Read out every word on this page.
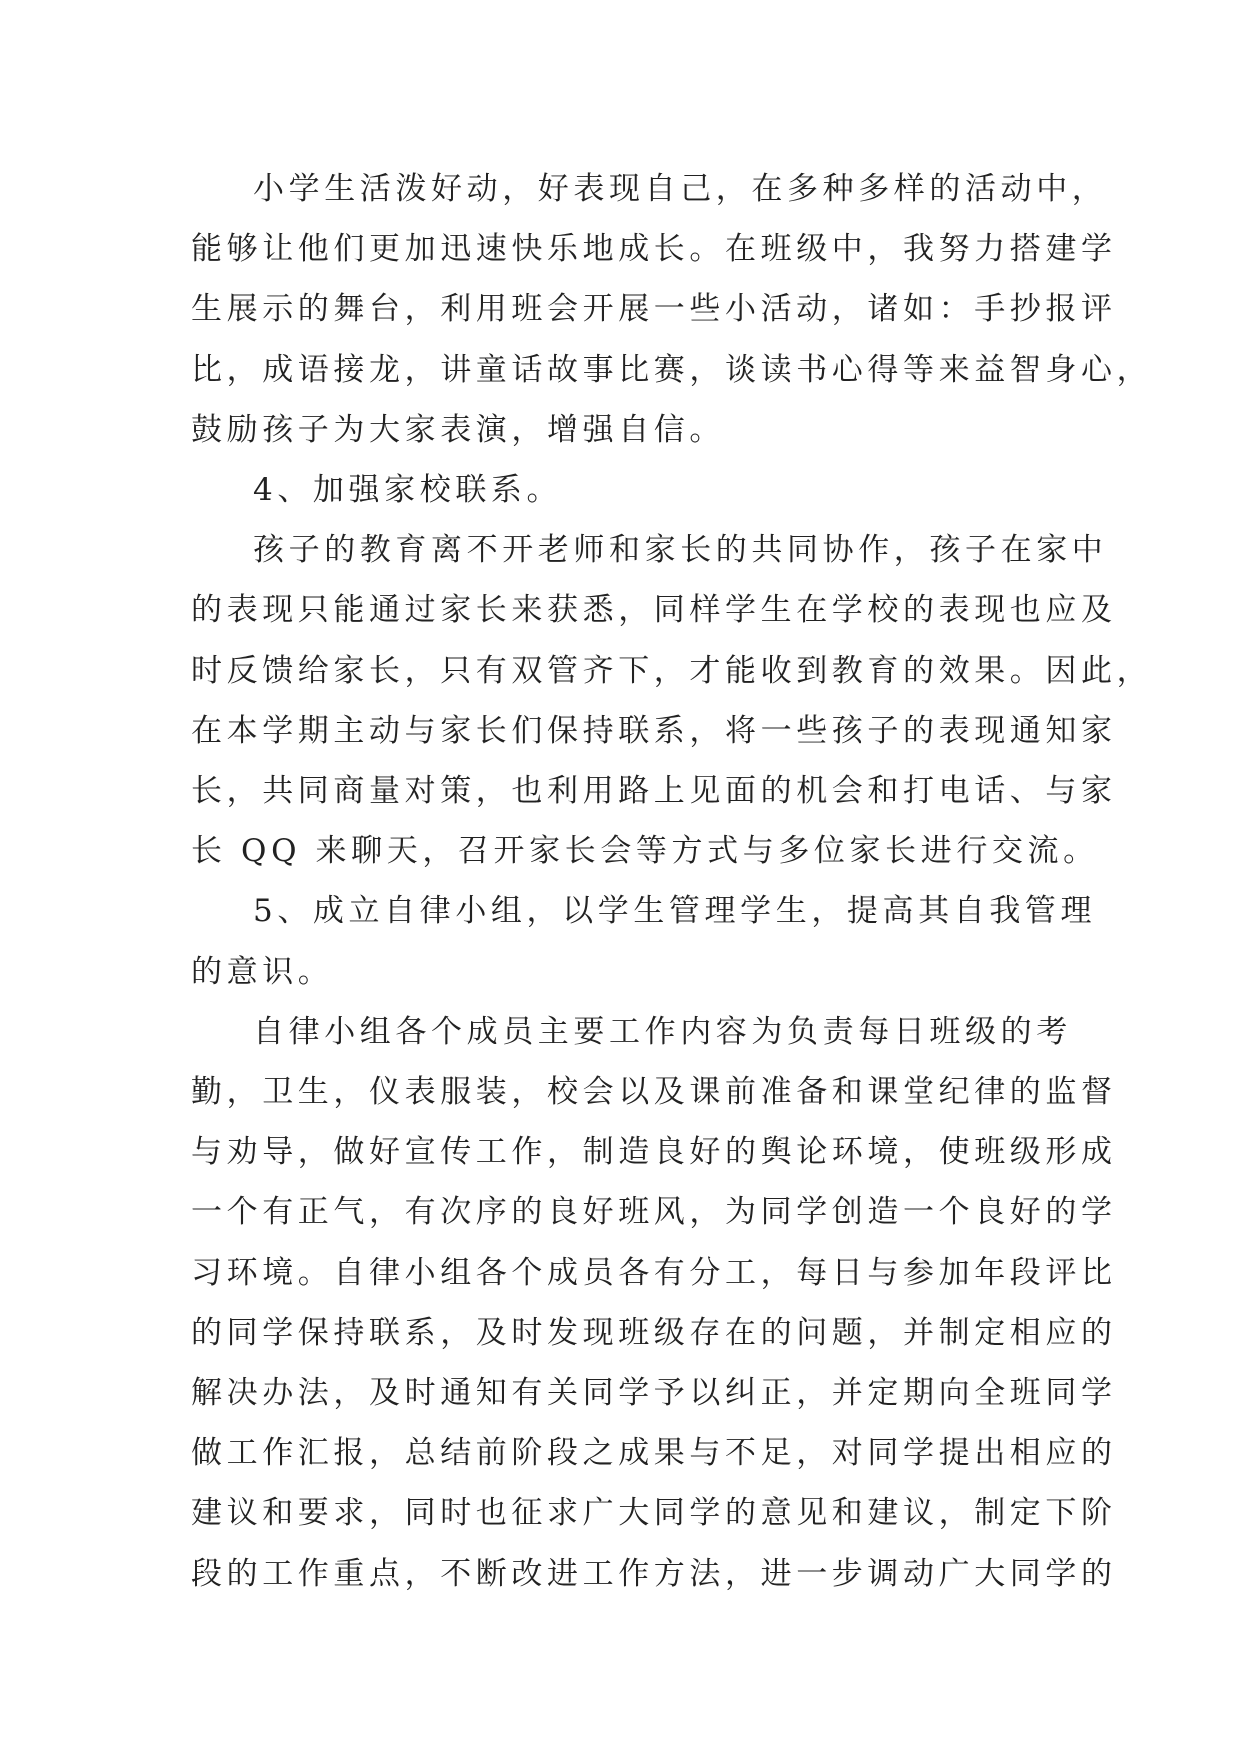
小学生活泼好动，好表现自己，在多种多样的活动中，
能够让他们更加迅速快乐地成长。在班级中，我努力搭建学
生展示的舞台，利用班会开展一些小活动，诸如：手抄报评
比，成语接龙，讲童话故事比赛，谈读书心得等来益智身心，
鼓励孩子为大家表演，增强自信。

4、加强家校联系。

孩子的教育离不开老师和家长的共同协作，孩子在家中
的表现只能通过家长来获悉，同样学生在学校的表现也应及
时反馈给家长，只有双管齐下，才能收到教育的效果。因此，
在本学期主动与家长们保持联系，将一些孩子的表现通知家
长，共同商量对策，也利用路上见面的机会和打电话、与家
长 QQ 来聊天，召开家长会等方式与多位家长进行交流。

5、成立自律小组，以学生管理学生，提高其自我管理
的意识。

自律小组各个成员主要工作内容为负责每日班级的考
勤，卫生，仪表服装，校会以及课前准备和课堂纪律的监督
与劝导，做好宣传工作，制造良好的舆论环境，使班级形成
一个有正气，有次序的良好班风，为同学创造一个良好的学
习环境。自律小组各个成员各有分工，每日与参加年段评比
的同学保持联系，及时发现班级存在的问题，并制定相应的
解决办法，及时通知有关同学予以纠正，并定期向全班同学
做工作汇报，总结前阶段之成果与不足，对同学提出相应的
建议和要求，同时也征求广大同学的意见和建议，制定下阶
段的工作重点，不断改进工作方法，进一步调动广大同学的
